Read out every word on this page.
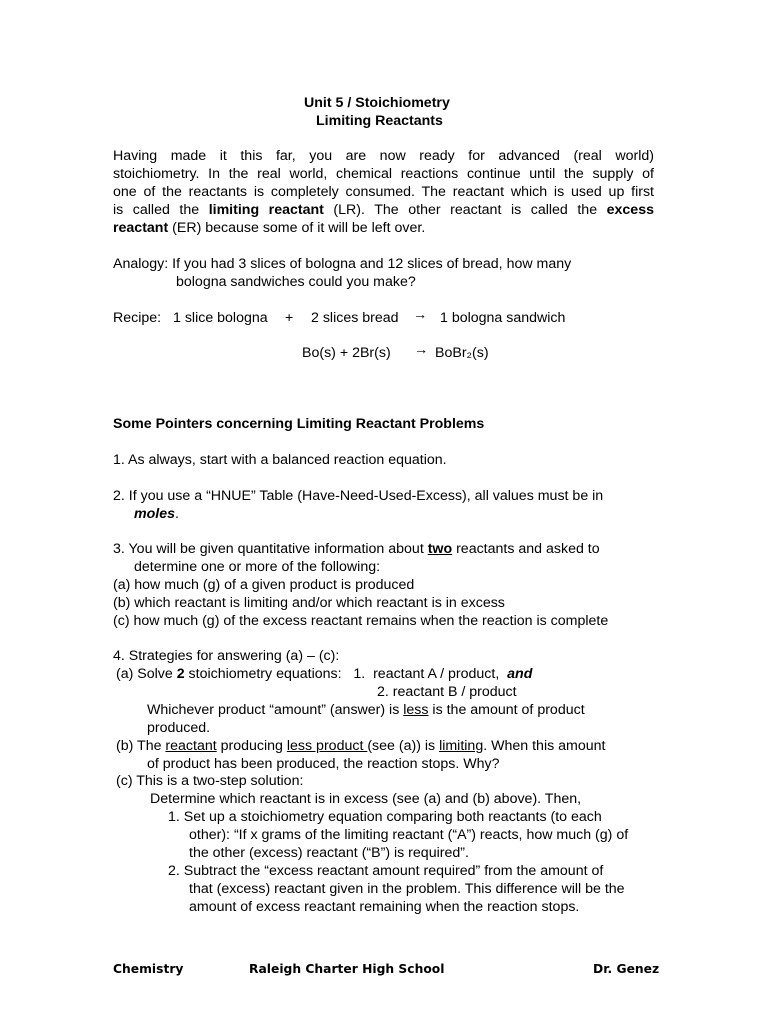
Unit 5 / Stoichiometry
Limiting Reactants
Having made it this far, you are now ready for advanced (real world)
stoichiometry. In the real world, chemical reactions continue until the supply of
one of the reactants is completely consumed. The reactant which is used up first
is called the limiting reactant (LR). The other reactant is called the excess
reactant (ER) because some of it will be left over.
Analogy: If you had 3 slices of bologna and 12 slices of bread, how many
bologna sandwiches could you make?
Recipe: 1 slice bologna + 2 slices bread → 1 bologna sandwich
Bo(s) + 2Br(s) → BoBr₂(s)
Some Pointers concerning Limiting Reactant Problems
1. As always, start with a balanced reaction equation.
2. If you use a “HNUE” Table (Have-Need-Used-Excess), all values must be in
moles.
3. You will be given quantitative information about two reactants and asked to
determine one or more of the following:
(a) how much (g) of a given product is produced
(b) which reactant is limiting and/or which reactant is in excess
(c) how much (g) of the excess reactant remains when the reaction is complete
4. Strategies for answering (a) – (c):
(a) Solve 2 stoichiometry equations:   1.  reactant A / product,  and
2. reactant B / product
Whichever product “amount” (answer) is less is the amount of product
produced.
(b) The reactant producing less product (see (a)) is limiting. When this amount
of product has been produced, the reaction stops. Why?
(c) This is a two-step solution:
Determine which reactant is in excess (see (a) and (b) above). Then,
1. Set up a stoichiometry equation comparing both reactants (to each
other): “If x grams of the limiting reactant (“A”) reacts, how much (g) of
the other (excess) reactant (“B”) is required”.
2. Subtract the “excess reactant amount required” from the amount of
that (excess) reactant given in the problem. This difference will be the
amount of excess reactant remaining when the reaction stops.
Chemistry	Raleigh Charter High School	Dr. Genez
